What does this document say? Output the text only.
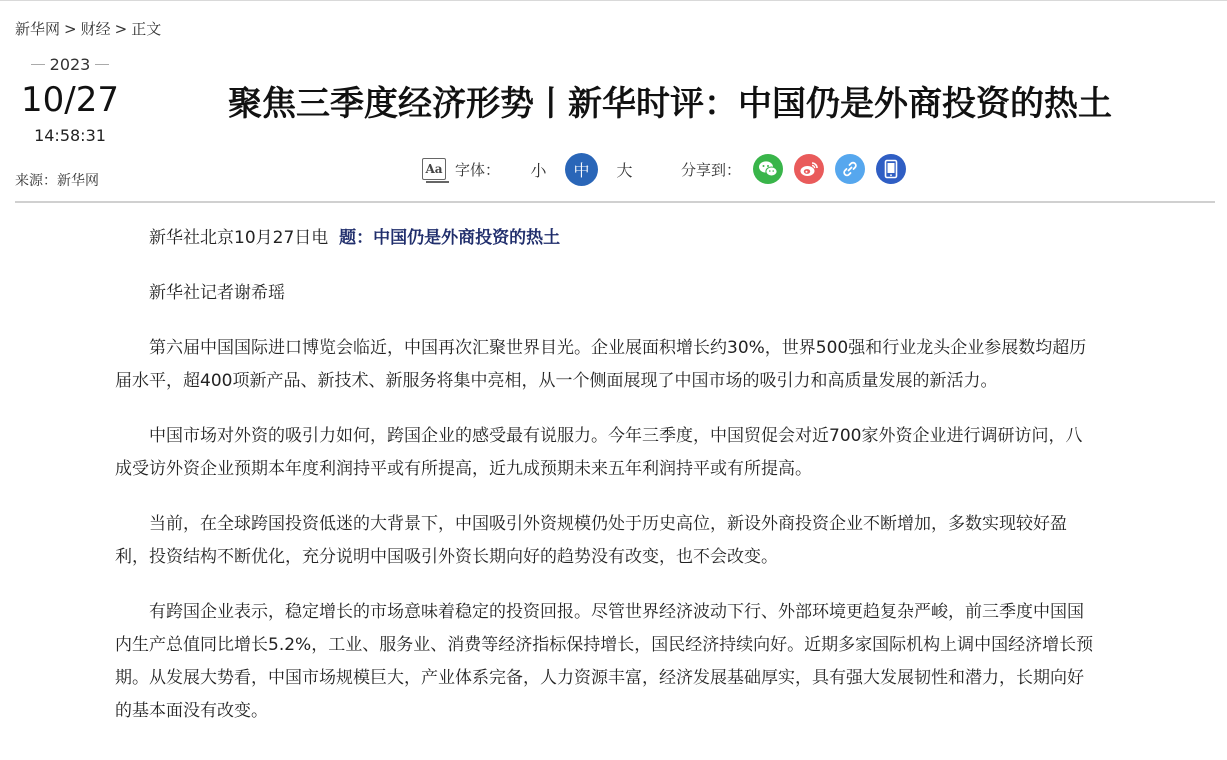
新华网 > 财经 > 正文
2023
10/27
14:58:31
来源：新华网
聚焦三季度经济形势丨新华时评：中国仍是外商投资的热土
Aa 字体：	小	中	大	分享到：

新华社北京10月27日电 题：中国仍是外商投资的热土

新华社记者谢希瑶

第六届中国国际进口博览会临近，中国再次汇聚世界目光。企业展面积增长约30%，世界500强和行业龙头企业参展数均超历届水平，超400项新产品、新技术、新服务将集中亮相，从一个侧面展现了中国市场的吸引力和高质量发展的新活力。

中国市场对外资的吸引力如何，跨国企业的感受最有说服力。今年三季度，中国贸促会对近700家外资企业进行调研访问，八成受访外资企业预期本年度利润持平或有所提高，近九成预期未来五年利润持平或有所提高。

当前，在全球跨国投资低迷的大背景下，中国吸引外资规模仍处于历史高位，新设外商投资企业不断增加，多数实现较好盈利，投资结构不断优化，充分说明中国吸引外资长期向好的趋势没有改变，也不会改变。

有跨国企业表示，稳定增长的市场意味着稳定的投资回报。尽管世界经济波动下行、外部环境更趋复杂严峻，前三季度中国国内生产总值同比增长5.2%，工业、服务业、消费等经济指标保持增长，国民经济持续向好。近期多家国际机构上调中国经济增长预期。从发展大势看，中国市场规模巨大，产业体系完备，人力资源丰富，经济发展基础厚实，具有强大发展韧性和潜力，长期向好的基本面没有改变。
